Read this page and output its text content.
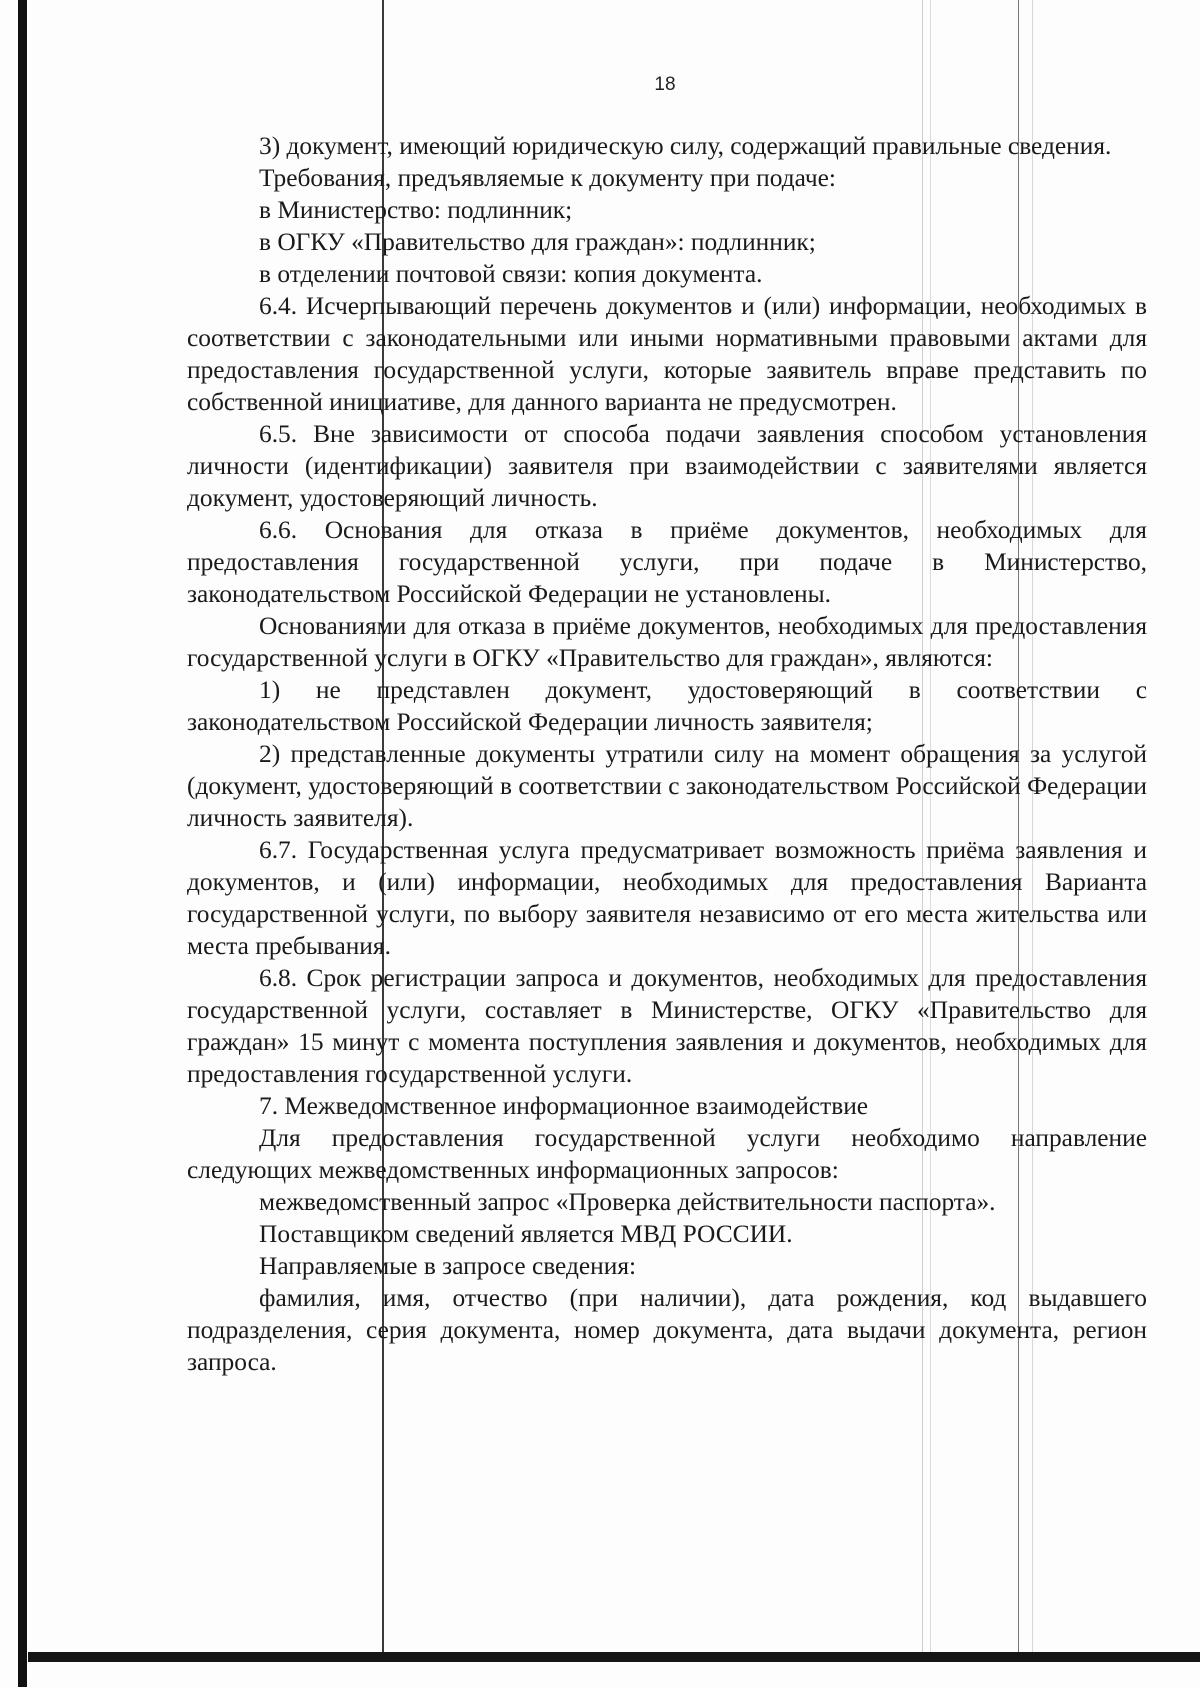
18

3) документ, имеющий юридическую силу, содержащий правильные сведения.

Требования, предъявляемые к документу при подаче:

в Министерство: подлинник;

в ОГКУ «Правительство для граждан»: подлинник;

в отделении почтовой связи: копия документа.

6.4. Исчерпывающий перечень документов и (или) информации, необходимых в соответствии с законодательными или иными нормативными правовыми актами для предоставления государственной услуги, которые заявитель вправе представить по собственной инициативе, для данного варианта не предусмотрен.

6.5. Вне зависимости от способа подачи заявления способом установления личности (идентификации) заявителя при взаимодействии с заявителями является документ, удостоверяющий личность.

6.6. Основания для отказа в приёме документов, необходимых для предоставления государственной услуги, при подаче в Министерство, законодательством Российской Федерации не установлены.

Основаниями для отказа в приёме документов, необходимых для предоставления государственной услуги в ОГКУ «Правительство для граждан», являются:

1) не представлен документ, удостоверяющий в соответствии с законодательством Российской Федерации личность заявителя;

2) представленные документы утратили силу на момент обращения за услугой (документ, удостоверяющий в соответствии с законодательством Российской Федерации личность заявителя).

6.7. Государственная услуга предусматривает возможность приёма заявления и документов, и (или) информации, необходимых для предоставления Варианта государственной услуги, по выбору заявителя независимо от его места жительства или места пребывания.

6.8. Срок регистрации запроса и документов, необходимых для предоставления государственной услуги, составляет в Министерстве, ОГКУ «Правительство для граждан» 15 минут с момента поступления заявления и документов, необходимых для предоставления государственной услуги.

7. Межведомственное информационное взаимодействие

Для предоставления государственной услуги необходимо направление следующих межведомственных информационных запросов:

межведомственный запрос «Проверка действительности паспорта».

Поставщиком сведений является МВД РОССИИ.

Направляемые в запросе сведения:

фамилия, имя, отчество (при наличии), дата рождения, код выдавшего подразделения, серия документа, номер документа, дата выдачи документа, регион запроса.
